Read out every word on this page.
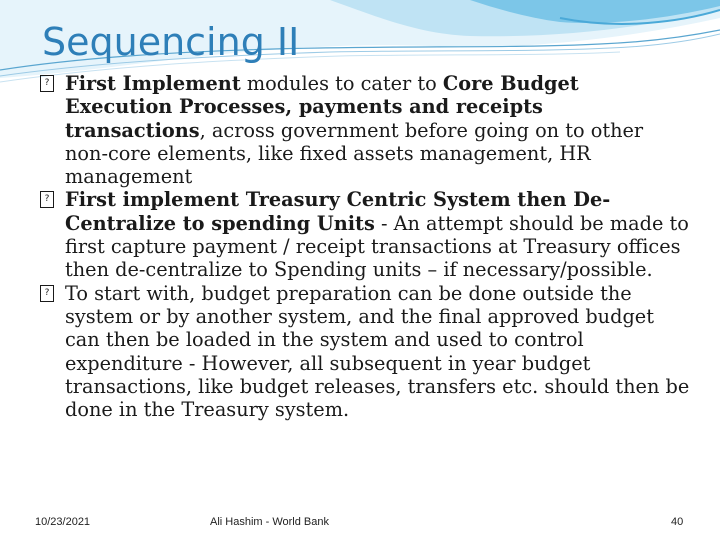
Sequencing II

? First Implement modules to cater to Core Budget Execution Processes, payments and receipts transactions, across government before going on to other non-core elements, like fixed assets management, HR management

? First implement Treasury Centric System then De-Centralize to spending Units - An attempt should be made to first capture payment / receipt transactions at Treasury offices then de-centralize to Spending units – if necessary/possible.

? To start with, budget preparation can be done outside the system or by another system, and the final approved budget can then be loaded in the system and used to control expenditure - However, all subsequent in year budget transactions, like budget releases, transfers etc. should then be done in the Treasury system.

10/23/2021	Ali Hashim - World Bank	40
